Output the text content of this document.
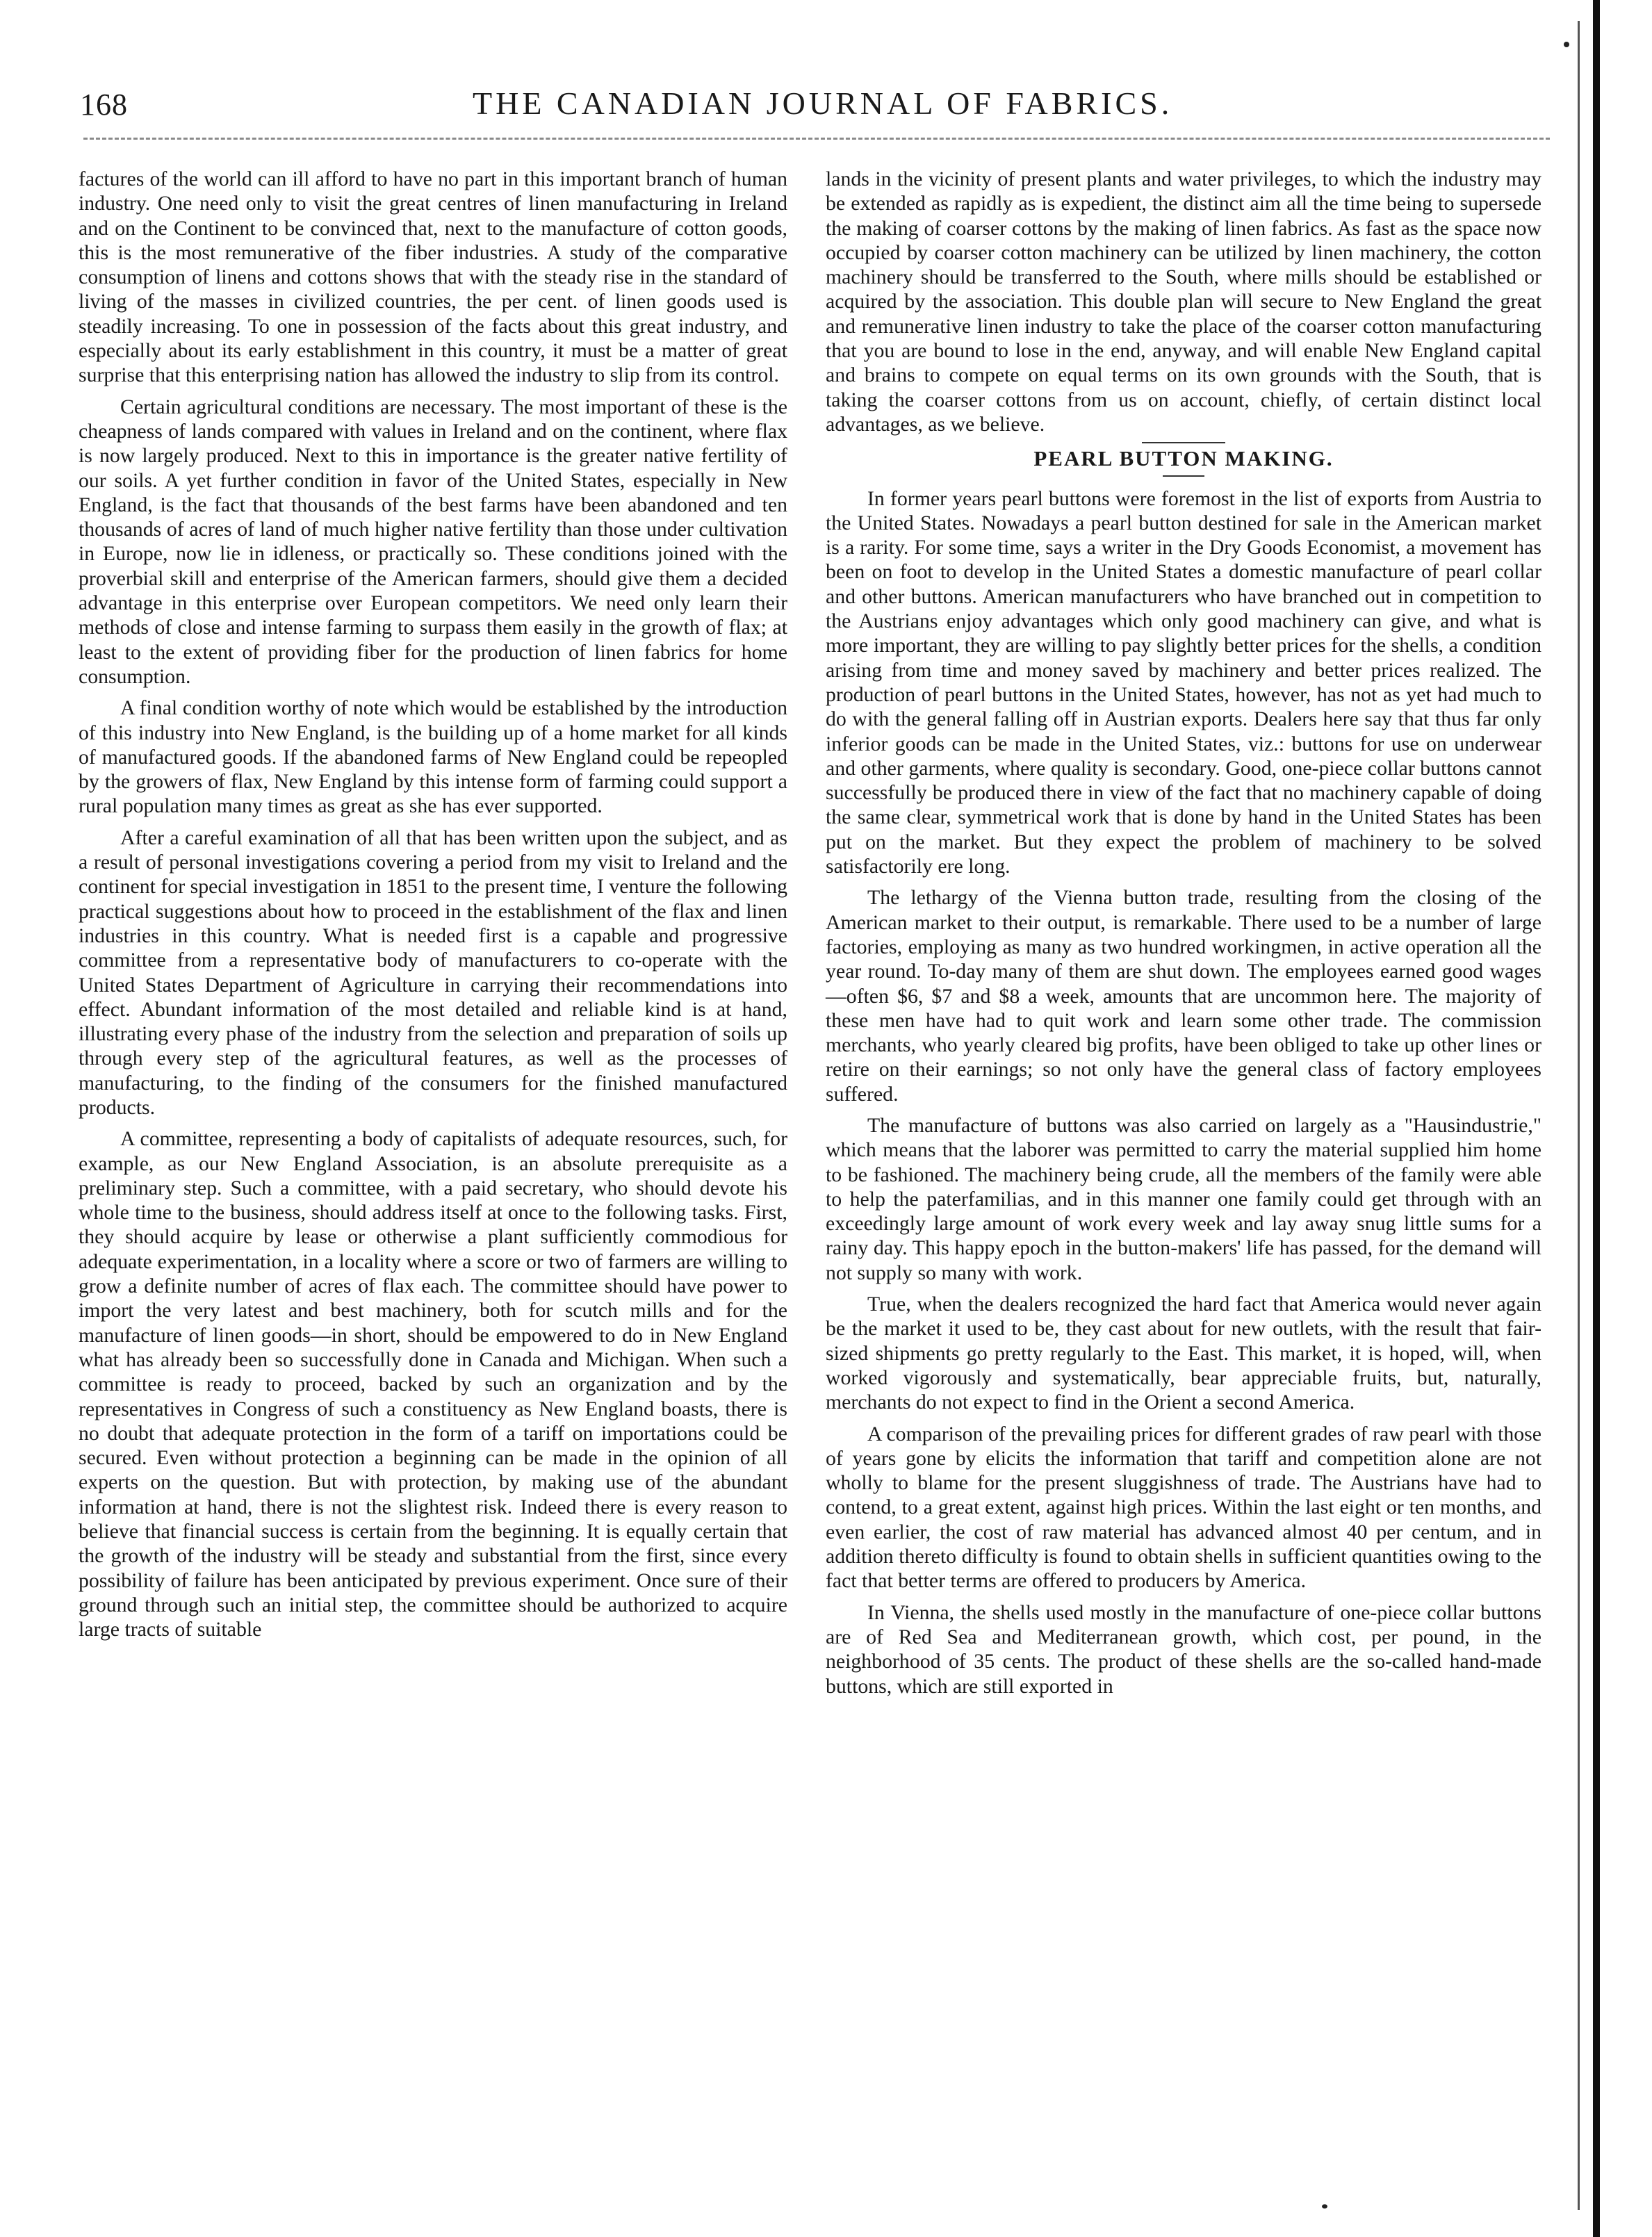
168	THE CANADIAN JOURNAL OF FABRICS.

factures of the world can ill afford to have no part in this important branch of human industry. One need only to visit the great centres of linen manufacturing in Ireland and on the Continent to be convinced that, next to the manufacture of cotton goods, this is the most remunerative of the fiber industries. A study of the comparative consumption of linens and cottons shows that with the steady rise in the standard of living of the masses in civilized countries, the per cent. of linen goods used is steadily increasing. To one in possession of the facts about this great industry, and especially about its early establishment in this country, it must be a matter of great surprise that this enterprising nation has allowed the industry to slip from its control.

Certain agricultural conditions are necessary. The most important of these is the cheapness of lands compared with values in Ireland and on the continent, where flax is now largely produced. Next to this in importance is the greater native fertility of our soils. A yet further condition in favor of the United States, especially in New England, is the fact that thousands of the best farms have been abandoned and ten thousands of acres of land of much higher native fertility than those under cultivation in Europe, now lie in idleness, or practically so. These conditions joined with the proverbial skill and enterprise of the American farmers, should give them a decided advantage in this enterprise over European competitors. We need only learn their methods of close and intense farming to surpass them easily in the growth of flax; at least to the extent of providing fiber for the production of linen fabrics for home consumption.

A final condition worthy of note which would be established by the introduction of this industry into New England, is the building up of a home market for all kinds of manufactured goods. If the abandoned farms of New England could be repeopled by the growers of flax, New England by this intense form of farming could support a rural population many times as great as she has ever supported.

After a careful examination of all that has been written upon the subject, and as a result of personal investigations covering a period from my visit to Ireland and the continent for special investigation in 1851 to the present time, I venture the following practical suggestions about how to proceed in the establishment of the flax and linen industries in this country. What is needed first is a capable and progressive committee from a representative body of manufacturers to co-operate with the United States Department of Agriculture in carrying their recommendations into effect. Abundant information of the most detailed and reliable kind is at hand, illustrating every phase of the industry from the selection and preparation of soils up through every step of the agricultural features, as well as the processes of manufacturing, to the finding of the consumers for the finished manufactured products.

A committee, representing a body of capitalists of adequate resources, such, for example, as our New England Association, is an absolute prerequisite as a preliminary step. Such a committee, with a paid secretary, who should devote his whole time to the business, should address itself at once to the following tasks. First, they should acquire by lease or otherwise a plant sufficiently commodious for adequate experimentation, in a locality where a score or two of farmers are willing to grow a definite number of acres of flax each. The committee should have power to import the very latest and best machinery, both for scutch mills and for the manufacture of linen goods—in short, should be empowered to do in New England what has already been so successfully done in Canada and Michigan. When such a committee is ready to proceed, backed by such an organization and by the representatives in Congress of such a constituency as New England boasts, there is no doubt that adequate protection in the form of a tariff on importations could be secured. Even without protection a beginning can be made in the opinion of all experts on the question. But with protection, by making use of the abundant information at hand, there is not the slightest risk. Indeed there is every reason to believe that financial success is certain from the beginning. It is equally certain that the growth of the industry will be steady and substantial from the first, since every possibility of failure has been anticipated by previous experiment. Once sure of their ground through such an initial step, the committee should be authorized to acquire large tracts of suitable

lands in the vicinity of present plants and water privileges, to which the industry may be extended as rapidly as is expedient, the distinct aim all the time being to supersede the making of coarser cottons by the making of linen fabrics. As fast as the space now occupied by coarser cotton machinery can be utilized by linen machinery, the cotton machinery should be transferred to the South, where mills should be established or acquired by the association. This double plan will secure to New England the great and remunerative linen industry to take the place of the coarser cotton manufacturing that you are bound to lose in the end, anyway, and will enable New England capital and brains to compete on equal terms on its own grounds with the South, that is taking the coarser cottons from us on account, chiefly, of certain distinct local advantages, as we believe.

PEARL BUTTON MAKING.

In former years pearl buttons were foremost in the list of exports from Austria to the United States. Nowadays a pearl button destined for sale in the American market is a rarity. For some time, says a writer in the Dry Goods Economist, a movement has been on foot to develop in the United States a domestic manufacture of pearl collar and other buttons. American manufacturers who have branched out in competition to the Austrians enjoy advantages which only good machinery can give, and what is more important, they are willing to pay slightly better prices for the shells, a condition arising from time and money saved by machinery and better prices realized. The production of pearl buttons in the United States, however, has not as yet had much to do with the general falling off in Austrian exports. Dealers here say that thus far only inferior goods can be made in the United States, viz.: buttons for use on underwear and other garments, where quality is secondary. Good, one-piece collar buttons cannot successfully be produced there in view of the fact that no machinery capable of doing the same clear, symmetrical work that is done by hand in the United States has been put on the market. But they expect the problem of machinery to be solved satisfactorily ere long.

The lethargy of the Vienna button trade, resulting from the closing of the American market to their output, is remarkable. There used to be a number of large factories, employing as many as two hundred workingmen, in active operation all the year round. To-day many of them are shut down. The employees earned good wages—often $6, $7 and $8 a week, amounts that are uncommon here. The majority of these men have had to quit work and learn some other trade. The commission merchants, who yearly cleared big profits, have been obliged to take up other lines or retire on their earnings; so not only have the general class of factory employees suffered.

The manufacture of buttons was also carried on largely as a "Hausindustrie," which means that the laborer was permitted to carry the material supplied him home to be fashioned. The machinery being crude, all the members of the family were able to help the paterfamilias, and in this manner one family could get through with an exceedingly large amount of work every week and lay away snug little sums for a rainy day. This happy epoch in the button-makers' life has passed, for the demand will not supply so many with work.

True, when the dealers recognized the hard fact that America would never again be the market it used to be, they cast about for new outlets, with the result that fair-sized shipments go pretty regularly to the East. This market, it is hoped, will, when worked vigorously and systematically, bear appreciable fruits, but, naturally, merchants do not expect to find in the Orient a second America.

A comparison of the prevailing prices for different grades of raw pearl with those of years gone by elicits the information that tariff and competition alone are not wholly to blame for the present sluggishness of trade. The Austrians have had to contend, to a great extent, against high prices. Within the last eight or ten months, and even earlier, the cost of raw material has advanced almost 40 per centum, and in addition thereto difficulty is found to obtain shells in sufficient quantities owing to the fact that better terms are offered to producers by America.

In Vienna, the shells used mostly in the manufacture of one-piece collar buttons are of Red Sea and Mediterranean growth, which cost, per pound, in the neighborhood of 35 cents. The product of these shells are the so-called hand-made buttons, which are still exported in
